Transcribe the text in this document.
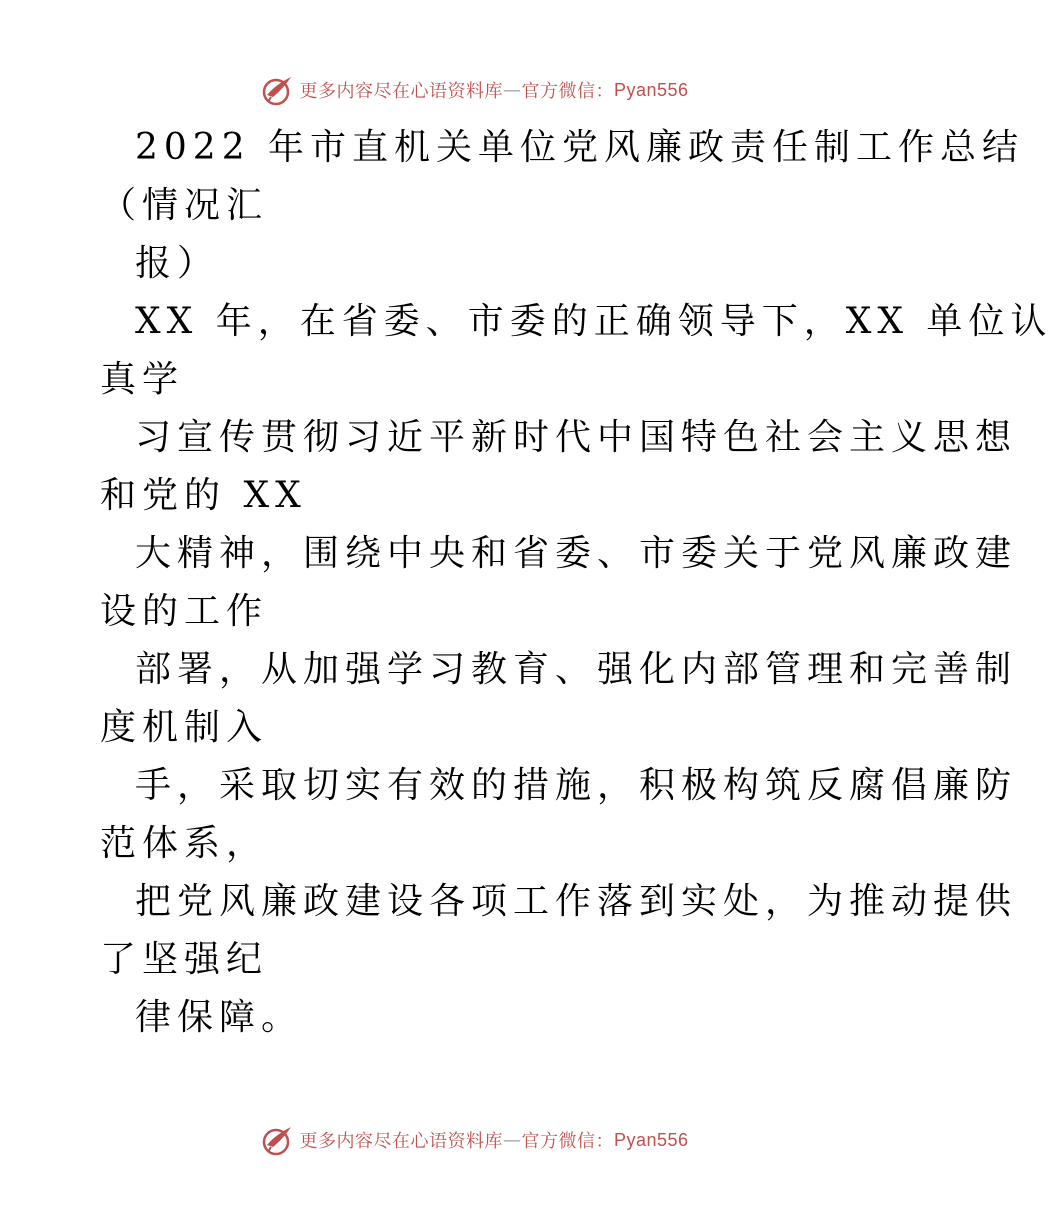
更多内容尽在心语资料库 — 官方微信： Pyan556
2022 年市直机关单位党风廉政责任制工作总结
（情况汇
报）
XX 年，在省委、市委的正确领导下，XX 单位认
真学
习宣传贯彻习近平新时代中国特色社会主义思想
和党的 XX
大精神，围绕中央和省委、市委关于党风廉政建
设的工作
部署，从加强学习教育、强化内部管理和完善制
度机制入
手，采取切实有效的措施，积极构筑反腐倡廉防
范体系，
把党风廉政建设各项工作落到实处，为推动提供
了坚强纪
律保障。
更多内容尽在心语资料库 — 官方微信： Pyan556
